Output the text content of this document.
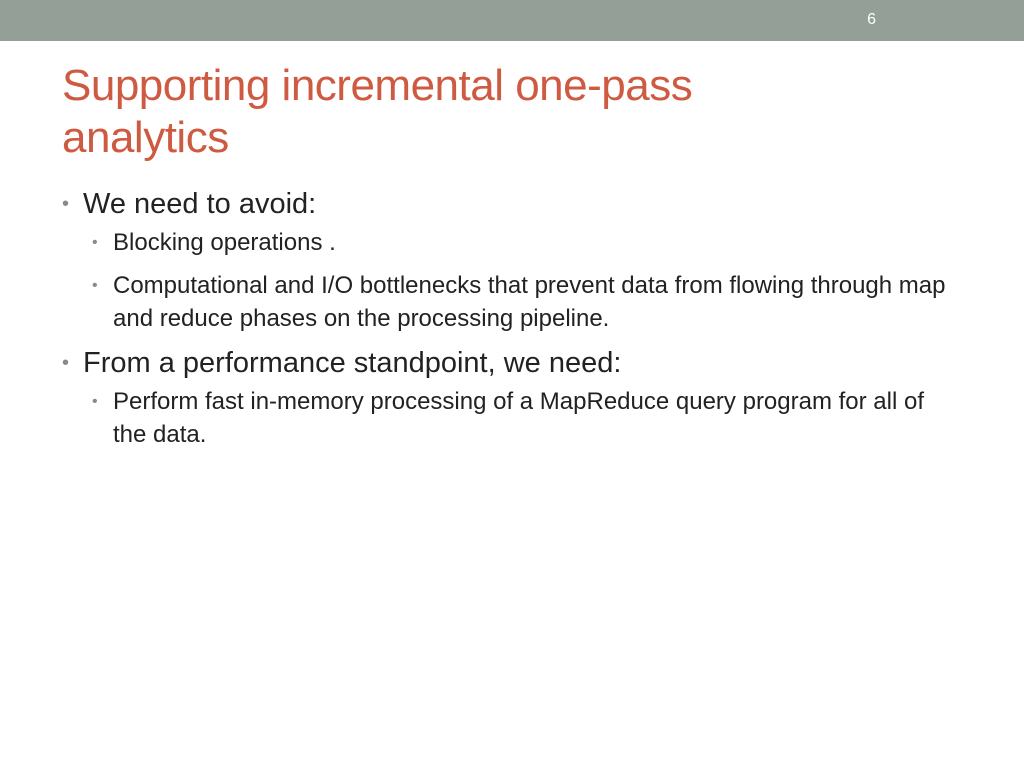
6
Supporting incremental one-pass
analytics
• We need to avoid:
• Blocking operations .
• Computational and I/O bottlenecks that prevent data from flowing through map and reduce phases on the processing pipeline.
• From a performance standpoint, we need:
• Perform fast in-memory processing of a MapReduce query program for all of the data.
